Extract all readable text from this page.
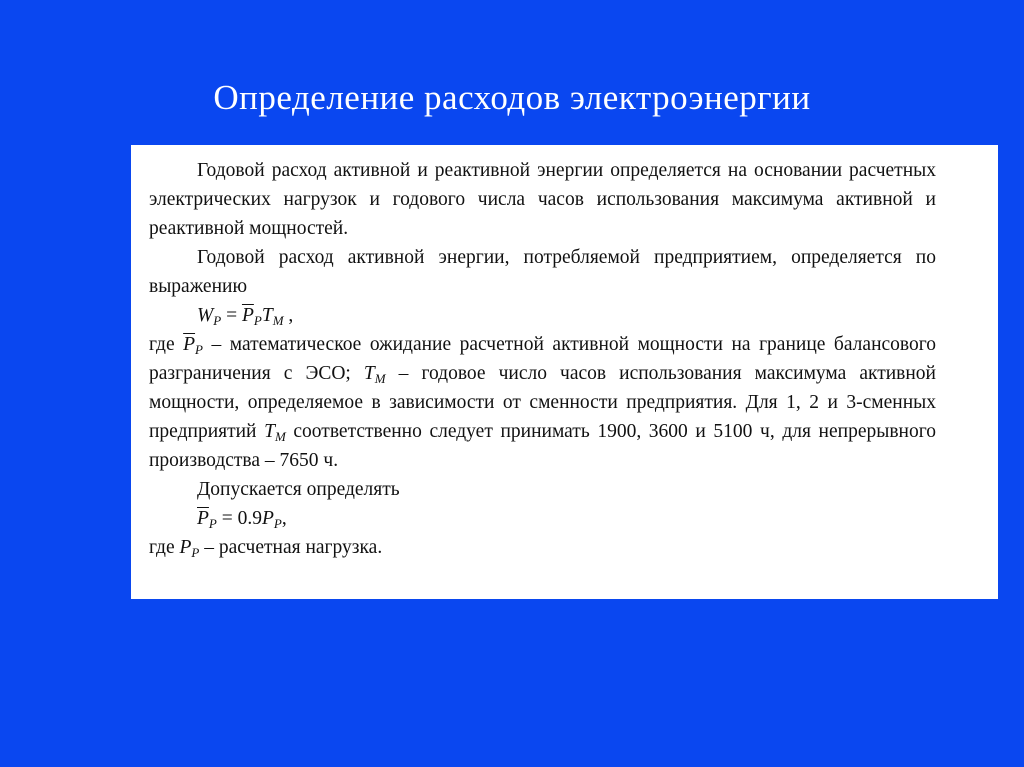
Определение расходов электроэнергии

Годовой расход активной и реактивной энергии определяется на основании расчетных электрических нагрузок и годового числа часов использования максимума активной и реактивной мощностей.

Годовой расход активной энергии, потребляемой предприятием, определяется по выражению

$W_P = \overline{P}_PT_M$ ,

где $\overline{P}_P$ – математическое ожидание расчетной активной мощности на границе балансового разграничения с ЭСО; $T_M$ – годовое число часов использования максимума активной мощности, определяемое в зависимости от сменности предприятия. Для 1, 2 и 3-сменных предприятий $T_M$ соответственно следует принимать 1900, 3600 и 5100 ч, для непрерывного производства – 7650 ч.

Допускается определять

$\overline{P}_P = 0.9P_P$,

где $P_P$ – расчетная нагрузка.
